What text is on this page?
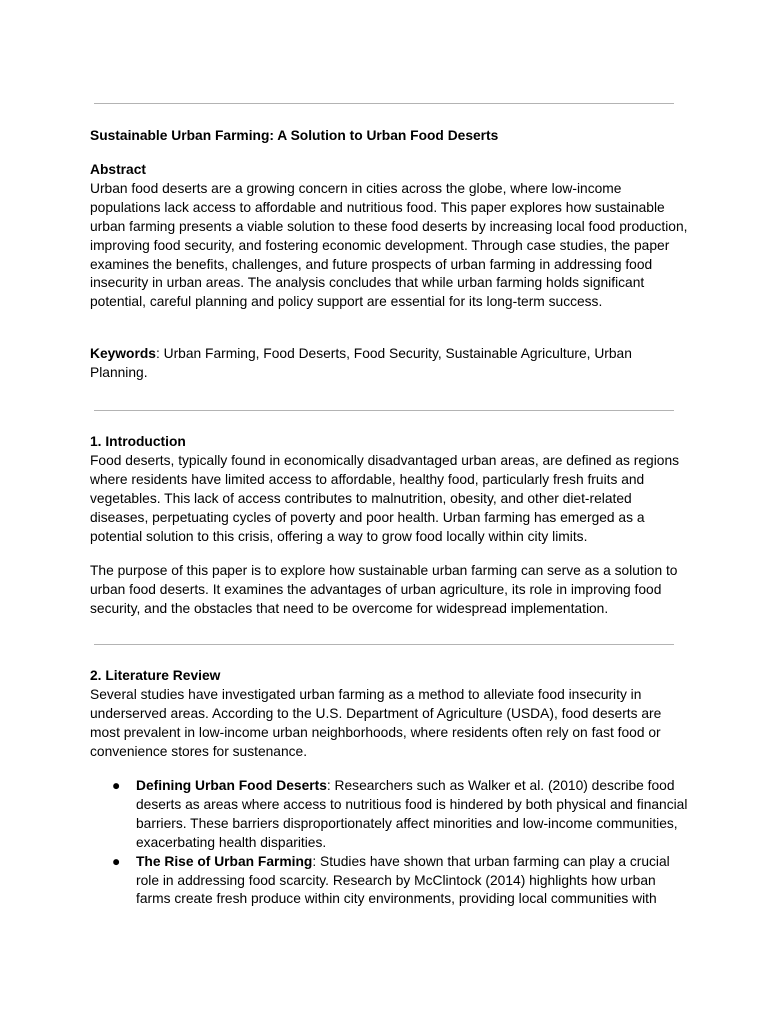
Sustainable Urban Farming: A Solution to Urban Food Deserts

Abstract

Urban food deserts are a growing concern in cities across the globe, where low-income populations lack access to affordable and nutritious food. This paper explores how sustainable urban farming presents a viable solution to these food deserts by increasing local food production, improving food security, and fostering economic development. Through case studies, the paper examines the benefits, challenges, and future prospects of urban farming in addressing food insecurity in urban areas. The analysis concludes that while urban farming holds significant potential, careful planning and policy support are essential for its long-term success.

Keywords: Urban Farming, Food Deserts, Food Security, Sustainable Agriculture, Urban Planning.

1. Introduction

Food deserts, typically found in economically disadvantaged urban areas, are defined as regions where residents have limited access to affordable, healthy food, particularly fresh fruits and vegetables. This lack of access contributes to malnutrition, obesity, and other diet-related diseases, perpetuating cycles of poverty and poor health. Urban farming has emerged as a potential solution to this crisis, offering a way to grow food locally within city limits.

The purpose of this paper is to explore how sustainable urban farming can serve as a solution to urban food deserts. It examines the advantages of urban agriculture, its role in improving food security, and the obstacles that need to be overcome for widespread implementation.

2. Literature Review

Several studies have investigated urban farming as a method to alleviate food insecurity in underserved areas. According to the U.S. Department of Agriculture (USDA), food deserts are most prevalent in low-income urban neighborhoods, where residents often rely on fast food or convenience stores for sustenance.

● Defining Urban Food Deserts: Researchers such as Walker et al. (2010) describe food deserts as areas where access to nutritious food is hindered by both physical and financial barriers. These barriers disproportionately affect minorities and low-income communities, exacerbating health disparities.
● The Rise of Urban Farming: Studies have shown that urban farming can play a crucial role in addressing food scarcity. Research by McClintock (2014) highlights how urban farms create fresh produce within city environments, providing local communities with
